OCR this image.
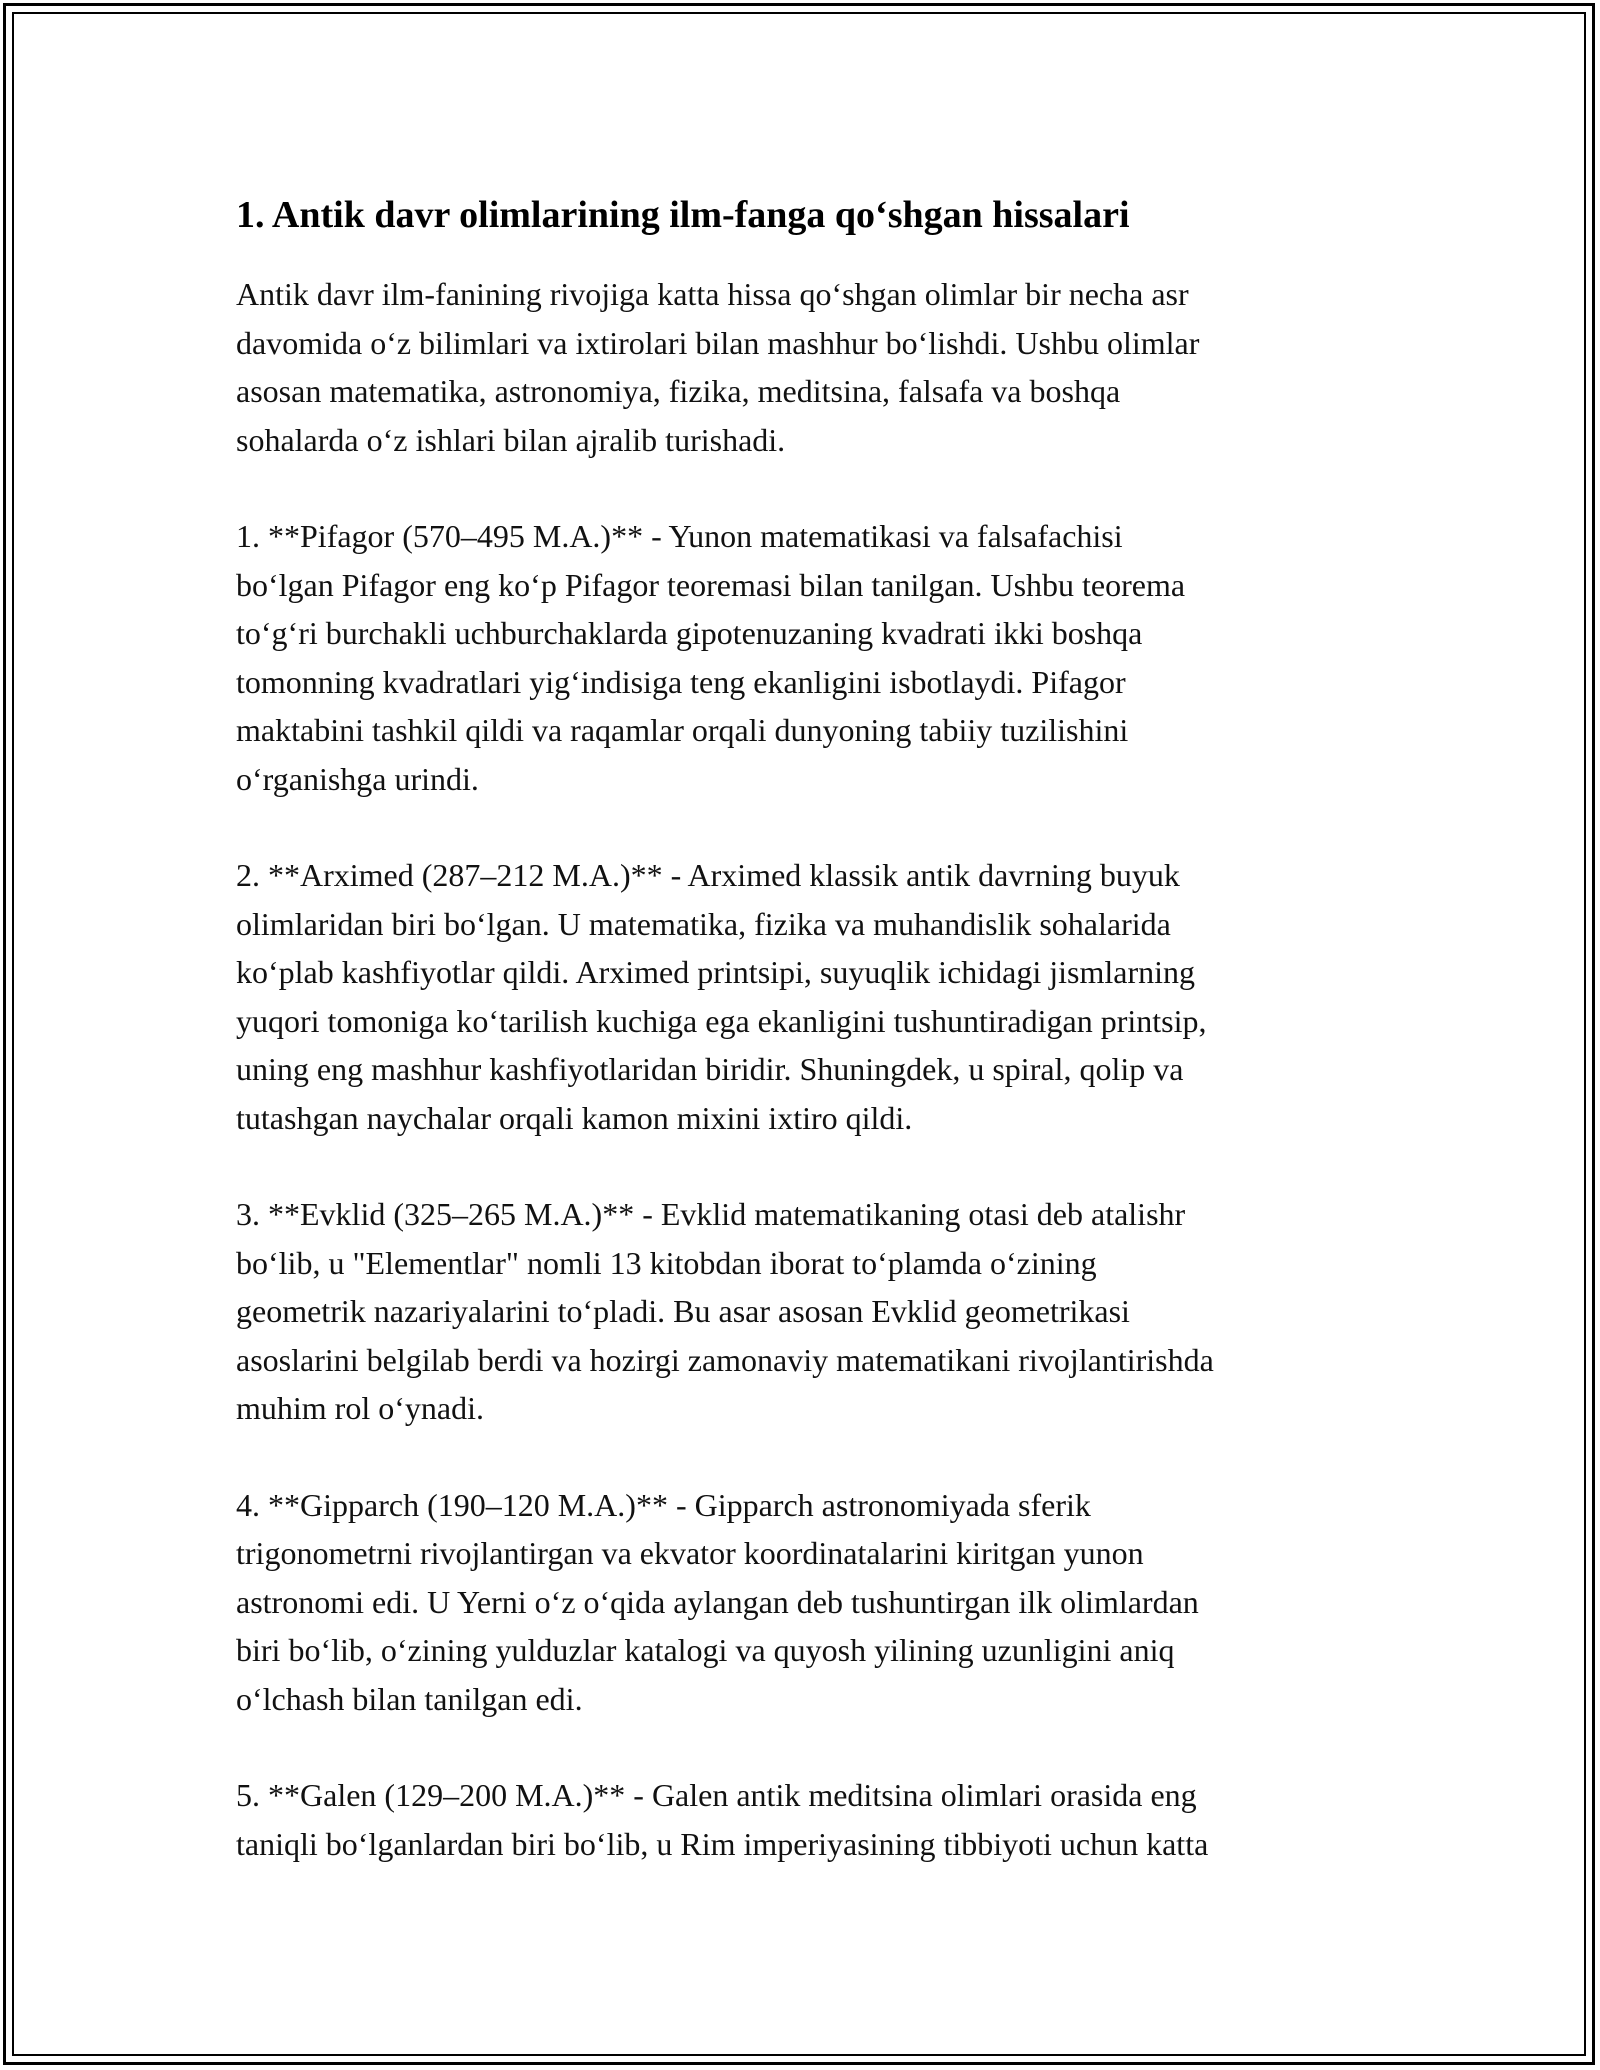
1. Antik davr olimlarining ilm-fanga qo‘shgan hissalari

Antik davr ilm-fanining rivojiga katta hissa qo‘shgan olimlar bir necha asr
davomida o‘z bilimlari va ixtirolari bilan mashhur bo‘lishdi. Ushbu olimlar
asosan matematika, astronomiya, fizika, meditsina, falsafa va boshqa
sohalarda o‘z ishlari bilan ajralib turishadi.

1. **Pifagor (570–495 M.A.)** - Yunon matematikasi va falsafachisi
bo‘lgan Pifagor eng ko‘p Pifagor teoremasi bilan tanilgan. Ushbu teorema
to‘g‘ri burchakli uchburchaklarda gipotenuzaning kvadrati ikki boshqa
tomonning kvadratlari yig‘indisiga teng ekanligini isbotlaydi. Pifagor
maktabini tashkil qildi va raqamlar orqali dunyoning tabiiy tuzilishini
o‘rganishga urindi.

2. **Arximed (287–212 M.A.)** - Arximed klassik antik davrning buyuk
olimlaridan biri bo‘lgan. U matematika, fizika va muhandislik sohalarida
ko‘plab kashfiyotlar qildi. Arximed printsipi, suyuqlik ichidagi jismlarning
yuqori tomoniga ko‘tarilish kuchiga ega ekanligini tushuntiradigan printsip,
uning eng mashhur kashfiyotlaridan biridir. Shuningdek, u spiral, qolip va
tutashgan naychalar orqali kamon mixini ixtiro qildi.

3. **Evklid (325–265 M.A.)** - Evklid matematikaning otasi deb atalishr
bo‘lib, u "Elementlar" nomli 13 kitobdan iborat to‘plamda o‘zining
geometrik nazariyalarini to‘pladi. Bu asar asosan Evklid geometrikasi
asoslarini belgilab berdi va hozirgi zamonaviy matematikani rivojlantirishda
muhim rol o‘ynadi.

4. **Gipparch (190–120 M.A.)** - Gipparch astronomiyada sferik
trigonometrni rivojlantirgan va ekvator koordinatalarini kiritgan yunon
astronomi edi. U Yerni o‘z o‘qida aylangan deb tushuntirgan ilk olimlardan
biri bo‘lib, o‘zining yulduzlar katalogi va quyosh yilining uzunligini aniq
o‘lchash bilan tanilgan edi.

5. **Galen (129–200 M.A.)** - Galen antik meditsina olimlari orasida eng
taniqli bo‘lganlardan biri bo‘lib, u Rim imperiyasining tibbiyoti uchun katta
